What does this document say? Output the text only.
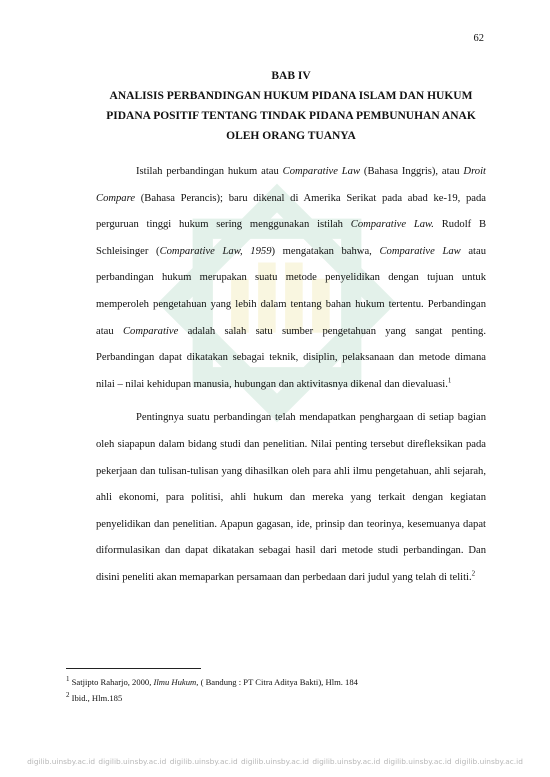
62
BAB IV
ANALISIS PERBANDINGAN HUKUM PIDANA ISLAM DAN HUKUM PIDANA POSITIF TENTANG TINDAK PIDANA PEMBUNUHAN ANAK OLEH ORANG TUANYA

Istilah perbandingan hukum atau Comparative Law (Bahasa Inggris), atau Droit Compare (Bahasa Perancis); baru dikenal di Amerika Serikat pada abad ke-19, pada perguruan tinggi hukum sering menggunakan istilah Comparative Law. Rudolf B Schleisinger (Comparative Law, 1959) mengatakan bahwa, Comparative Law atau perbandingan hukum merupakan suatu metode penyelidikan dengan tujuan untuk memperoleh pengetahuan yang lebih dalam tentang bahan hukum tertentu. Perbandingan atau Comparative adalah salah satu sumber pengetahuan yang sangat penting. Perbandingan dapat dikatakan sebagai teknik, disiplin, pelaksanaan dan metode dimana nilai – nilai kehidupan manusia, hubungan dan aktivitasnya dikenal dan dievaluasi.$^1$

Pentingnya suatu perbandingan telah mendapatkan penghargaan di setiap bagian oleh siapapun dalam bidang studi dan penelitian. Nilai penting tersebut direfleksikan pada pekerjaan dan tulisan-tulisan yang dihasilkan oleh para ahli ilmu pengetahuan, ahli sejarah, ahli ekonomi, para politisi, ahli hukum dan mereka yang terkait dengan kegiatan penyelidikan dan penelitian. Apapun gagasan, ide, prinsip dan teorinya, kesemuanya dapat diformulasikan dan dapat dikatakan sebagai hasil dari metode studi perbandingan. Dan disini peneliti akan memaparkan persamaan dan perbedaan dari judul yang telah di teliti.$^2$

$^1$ Satjipto Raharjo, 2000, Ilmu Hukum, ( Bandung : PT Citra Aditya Bakti), Hlm. 184
$^2$ Ibid., Hlm.185
digilib.uinsby.ac.id digilib.uinsby.ac.id digilib.uinsby.ac.id digilib.uinsby.ac.id digilib.uinsby.ac.id digilib.uinsby.ac.id digilib.uinsby.ac.id
